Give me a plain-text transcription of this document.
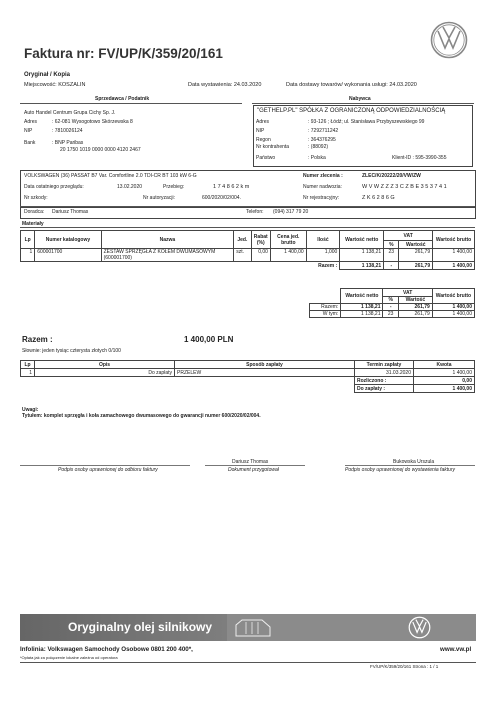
Faktura nr: FV/UP/K/359/20/161
Oryginał / Kopia
Miejscowość: KOSZALIN	Data wystawienia: 24.03.2020	Data dostawy towarów/ wykonania usługi: 24.03.2020
Sprzedawca / Podatnik
Auto Handel Centrum Grupa Cichy Sp. J.
Adres	: 62-081 Wysogotowo Skórzewska 8
NIP	: 7810026124
Bank	: BNP Paribas
20 1750 1019 0000 0000 4120 2467
Nabywca
"GETHELP.PL" SPÓŁKA Z OGRANICZONĄ ODPOWIEDZIALNOŚCIĄ
Adres	: 93-126 ; Łódź; ul. Stanisława Przybyszewskiego 99
NIP	: 7292711242
Regon	: 364376295
Nr kontrahenta	: (88092)
Państwo	: Polska	Klient-ID : 595-3990-355
VOLKSWAGEN (36) PASSAT B7 Var. Comfortline 2.0 TDI-CR BT 103 kW 6-G	Numer zlecenia :	ZLEC/K/20222/20/VW/ZW
Data ostatniego przeglądu:	13.02.2020	Przebieg:	1 7 4 8 6 2 k m	Numer nadwozia:	W V W Z Z Z 3 C Z B E 3 5 3 7 4 1
Nr szkody:	Nr autoryzacji:	600/2020/02/004.	Nr rejestracyjny:	Z K 6 2 8 6 G
Doradca: Dariusz Thomas	Telefon: (094) 317 79 20
Materiały
Lp	Numer katalogowy	Nazwa	Jed.	Rabat (%)	Cena jed. brutto	Ilość	Wartość netto	VAT		Wartość brutto
								%	Wartość	
1	600001700	ZESTAW SPRZĘGŁA Z KOŁEM DWUMASOWYM
(600001700)	szt.	0,00	1 400,00	1,000	1 138,21	23	261,79	1 400,00
Razem :							1 138,21	-	261,79	1 400,00
	Wartość netto	VAT		Wartość brutto
		%	Wartość	
Razem:	1 138,21	-	261,79	1 400,00
W tym:	1 138,21	23	261,79	1 400,00
Razem :	1 400,00 PLN
Słownie: jeden tysiąc czterysta złotych 0/100
Lp	Opis	Sposób zapłaty	Termin zapłaty	Kwota
1	Do zapłaty	PRZELEW	31.03.2020	1 400,00
			Rozliczono :	0,00
			Do zapłaty :	1 400,00
Uwagi:
Tytułem: komplet sprzęgła i koła zamachowego dwumasowego do gwarancji numer 600/2020/02/004.
Podpis osoby uprawnionej do odbioru faktury
Dariusz Thomas
Dokument przygotował
Bukowska Urszula
Podpis osoby uprawnionej do wystawienia faktury
Oryginalny olej silnikowy
Infolinia: Volkswagen Samochody Osobowe 0801 200 400*,
*Opłata jak za połączenie lokalne zależna od operatora
www.vw.pl
FV/UP/K/359/20/161 Strona : 1 / 1
